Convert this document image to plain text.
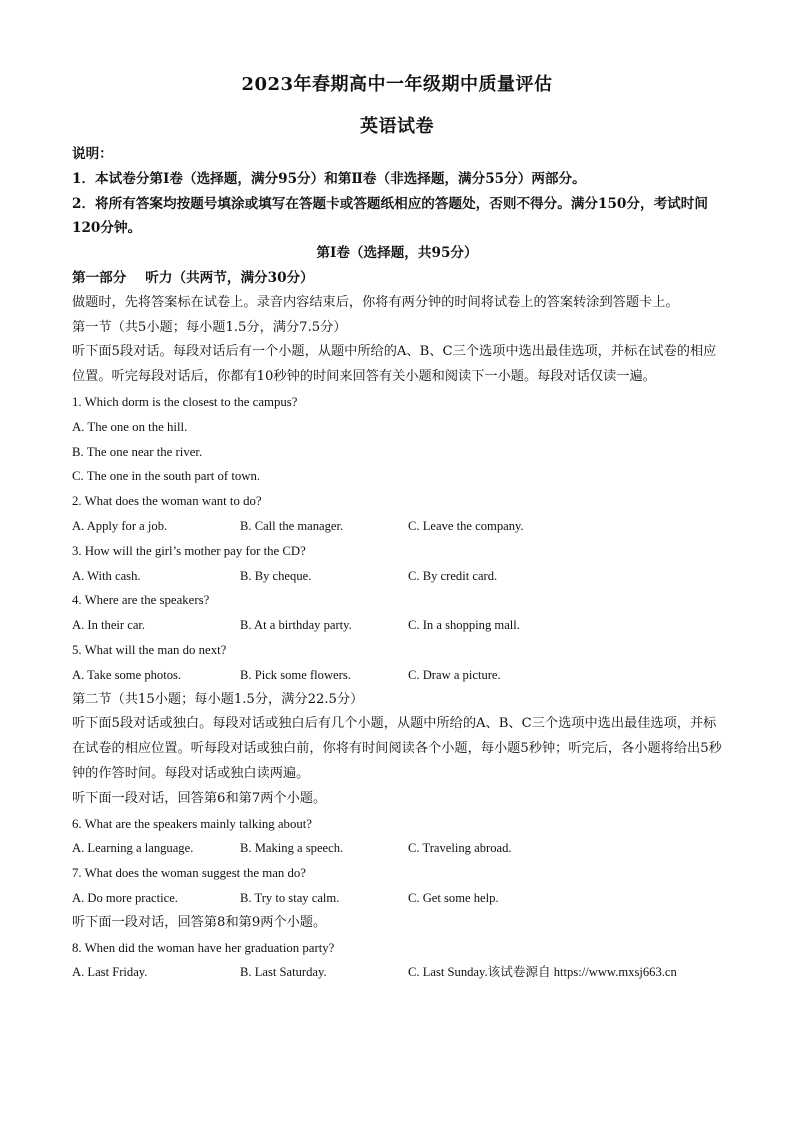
2023年春期高中一年级期中质量评估
英语试卷
说明：
1．本试卷分第Ⅰ卷（选择题，满分95分）和第Ⅱ卷（非选择题，满分55分）两部分。
2．将所有答案均按题号填涂或填写在答题卡或答题纸相应的答题处，否则不得分。满分150分，考试时间120分钟。
第Ⅰ卷（选择题，共95分）
第一部分    听力（共两节，满分30分）
做题时，先将答案标在试卷上。录音内容结束后，你将有两分钟的时间将试卷上的答案转涂到答题卡上。
第一节（共5小题；每小题1.5分，满分7.5分）
听下面5段对话。每段对话后有一个小题，从题中所给的A、B、C三个选项中选出最佳选项，并标在试卷的相应位置。听完每段对话后，你都有10秒钟的时间来回答有关小题和阅读下一小题。每段对话仅读一遍。
1. Which dorm is the closest to the campus?
A. The one on the hill.
B. The one near the river.
C. The one in the south part of town.
2. What does the woman want to do?
A. Apply for a job.	B. Call the manager.	C. Leave the company.
3. How will the girl’s mother pay for the CD?
A. With cash.	B. By cheque.	C. By credit card.
4. Where are the speakers?
A. In their car.	B. At a birthday party.	C. In a shopping mall.
5. What will the man do next?
A. Take some photos.	B. Pick some flowers.	C. Draw a picture.
第二节（共15小题；每小题1.5分，满分22.5分）
听下面5段对话或独白。每段对话或独白后有几个小题，从题中所给的A、B、C三个选项中选出最佳选项，并标在试卷的相应位置。听每段对话或独白前，你将有时间阅读各个小题，每小题5秒钟；听完后，各小题将给出5秒钟的作答时间。每段对话或独白读两遍。
听下面一段对话，回答第6和第7两个小题。
6. What are the speakers mainly talking about?
A. Learning a language.	B. Making a speech.	C. Traveling abroad.
7. What does the woman suggest the man do?
A. Do more practice.	B. Try to stay calm.	C. Get some help.
听下面一段对话，回答第8和第9两个小题。
8. When did the woman have her graduation party?
A. Last Friday.	B. Last Saturday.	C. Last Sunday.该试卷源自 https://www.mxsj663.cn
